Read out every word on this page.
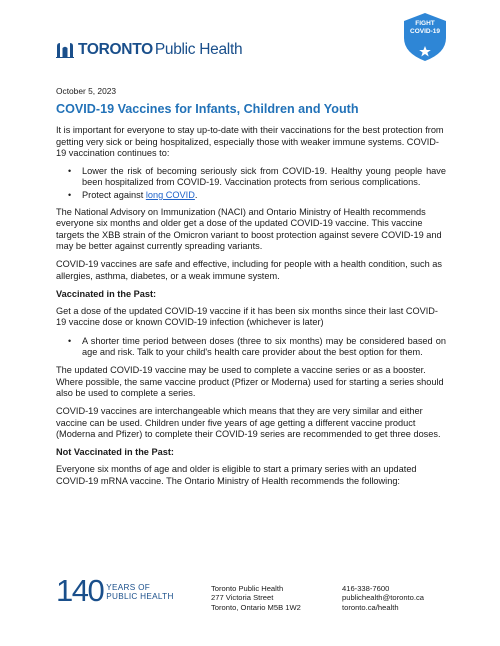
TORONTO Public Health
FIGHT
COVID-19
October 5, 2023
COVID-19 Vaccines for Infants, Children and Youth

It is important for everyone to stay up-to-date with their vaccinations for the best protection from getting very sick or being hospitalized, especially those with weaker immune systems. COVID-19 vaccination continues to:

• Lower the risk of becoming seriously sick from COVID-19. Healthy young people have been hospitalized from COVID-19. Vaccination protects from serious complications.
• Protect against long COVID.

The National Advisory on Immunization (NACI) and Ontario Ministry of Health recommends everyone six months and older get a dose of the updated COVID-19 vaccine. This vaccine targets the XBB strain of the Omicron variant to boost protection against severe COVID-19 and may be better against currently spreading variants.

COVID-19 vaccines are safe and effective, including for people with a health condition, such as allergies, asthma, diabetes, or a weak immune system.

Vaccinated in the Past:

Get a dose of the updated COVID-19 vaccine if it has been six months since their last COVID-19 vaccine dose or known COVID-19 infection (whichever is later)

• A shorter time period between doses (three to six months) may be considered based on age and risk. Talk to your child's health care provider about the best option for them.

The updated COVID-19 vaccine may be used to complete a vaccine series or as a booster. Where possible, the same vaccine product (Pfizer or Moderna) used for starting a series should also be used to complete a series.

COVID-19 vaccines are interchangeable which means that they are very similar and either vaccine can be used. Children under five years of age getting a different vaccine product (Moderna and Pfizer) to complete their COVID-19 series are recommended to get three doses.

Not Vaccinated in the Past:

Everyone six months of age and older is eligible to start a primary series with an updated COVID-19 mRNA vaccine. The Ontario Ministry of Health recommends the following:

140 YEARS OF
PUBLIC HEALTH
Toronto Public Health
277 Victoria Street
Toronto, Ontario M5B 1W2
416-338-7600
publichealth@toronto.ca
toronto.ca/health
